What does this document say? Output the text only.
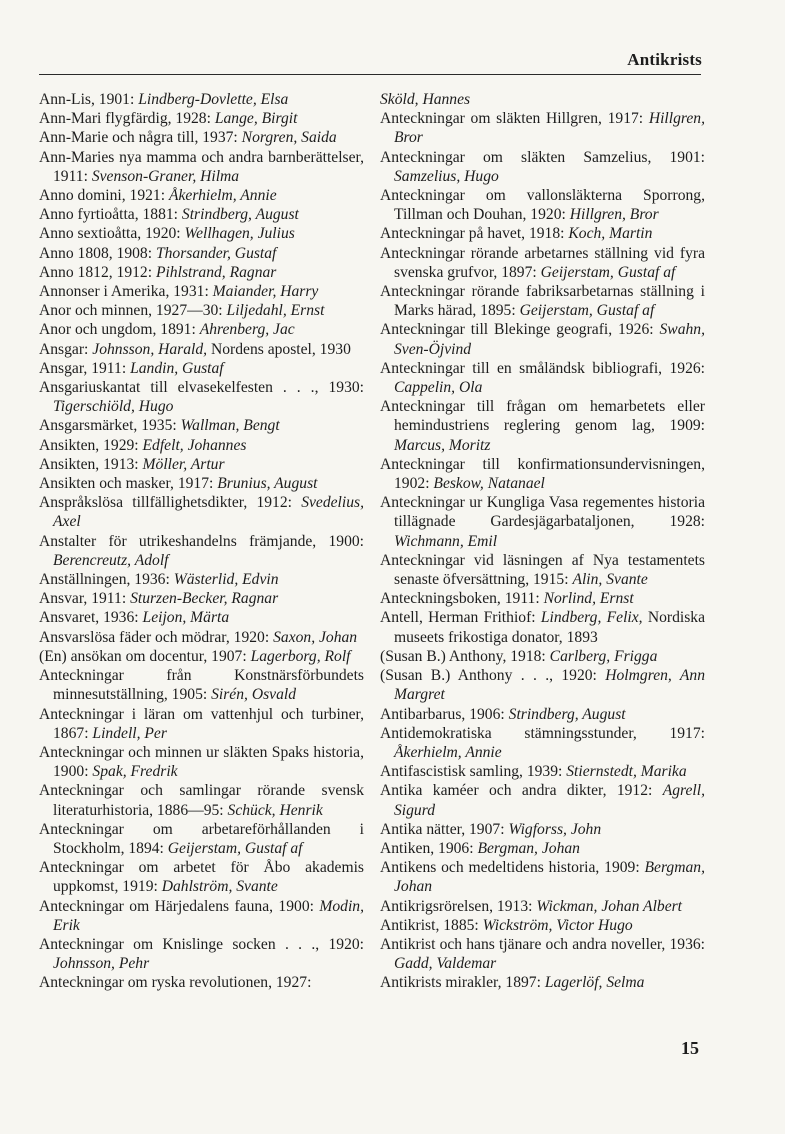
Antikrists

Ann-Lis, 1901: Lindberg-Dovlette, Elsa

Ann-Mari flygfärdig, 1928: Lange, Birgit

Ann-Marie och några till, 1937: Norgren, Saida

Ann-Maries nya mamma och andra barnberättelser, 1911: Svenson-Graner, Hilma

Anno domini, 1921: Åkerhielm, Annie

Anno fyrtioåtta, 1881: Strindberg, August

Anno sextioåtta, 1920: Wellhagen, Julius

Anno 1808, 1908: Thorsander, Gustaf

Anno 1812, 1912: Pihlstrand, Ragnar

Annonser i Amerika, 1931: Maiander, Harry

Anor och minnen, 1927—30: Liljedahl, Ernst

Anor och ungdom, 1891: Ahrenberg, Jac

Ansgar: Johnsson, Harald, Nordens apostel, 1930

Ansgar, 1911: Landin, Gustaf

Ansgariuskantat till elvasekelfesten . . ., 1930: Tigerschiöld, Hugo

Ansgarsmärket, 1935: Wallman, Bengt

Ansikten, 1929: Edfelt, Johannes

Ansikten, 1913: Möller, Artur

Ansikten och masker, 1917: Brunius, August

Anspråkslösa tillfällighetsdikter, 1912: Svedelius, Axel

Anstalter för utrikeshandelns främjande, 1900: Berencreutz, Adolf

Anställningen, 1936: Wästerlid, Edvin

Ansvar, 1911: Sturzen-Becker, Ragnar

Ansvaret, 1936: Leijon, Märta

Ansvarslösa fäder och mödrar, 1920: Saxon, Johan

(En) ansökan om docentur, 1907: Lagerborg, Rolf

Anteckningar från Konstnärsförbundets minnesutställning, 1905: Sirén, Osvald

Anteckningar i läran om vattenhjul och turbiner, 1867: Lindell, Per

Anteckningar och minnen ur släkten Spaks historia, 1900: Spak, Fredrik

Anteckningar och samlingar rörande svensk literaturhistoria, 1886—95: Schück, Henrik

Anteckningar om arbetareförhållanden i Stockholm, 1894: Geijerstam, Gustaf af

Anteckningar om arbetet för Åbo akademis uppkomst, 1919: Dahlström, Svante

Anteckningar om Härjedalens fauna, 1900: Modin, Erik

Anteckningar om Knislinge socken . . ., 1920: Johnsson, Pehr

Anteckningar om ryska revolutionen, 1927:

Sköld, Hannes

Anteckningar om släkten Hillgren, 1917: Hillgren, Bror

Anteckningar om släkten Samzelius, 1901: Samzelius, Hugo

Anteckningar om vallonsläkterna Sporrong, Tillman och Douhan, 1920: Hillgren, Bror

Anteckningar på havet, 1918: Koch, Martin

Anteckningar rörande arbetarnes ställning vid fyra svenska grufvor, 1897: Geijerstam, Gustaf af

Anteckningar rörande fabriksarbetarnas ställning i Marks härad, 1895: Geijerstam, Gustaf af

Anteckningar till Blekinge geografi, 1926: Swahn, Sven-Öjvind

Anteckningar till en småländsk bibliografi, 1926: Cappelin, Ola

Anteckningar till frågan om hemarbetets eller hemindustriens reglering genom lag, 1909: Marcus, Moritz

Anteckningar till konfirmationsundervisningen, 1902: Beskow, Natanael

Anteckningar ur Kungliga Vasa regementes historia tillägnade Gardesjägarbataljonen, 1928: Wichmann, Emil

Anteckningar vid läsningen af Nya testamentets senaste öfversättning, 1915: Alin, Svante

Anteckningsboken, 1911: Norlind, Ernst

Antell, Herman Frithiof: Lindberg, Felix, Nordiska museets frikostiga donator, 1893

(Susan B.) Anthony, 1918: Carlberg, Frigga

(Susan B.) Anthony . . ., 1920: Holmgren, Ann Margret

Antibarbarus, 1906: Strindberg, August

Antidemokratiska stämningsstunder, 1917: Åkerhielm, Annie

Antifascistisk samling, 1939: Stiernstedt, Marika

Antika kaméer och andra dikter, 1912: Agrell, Sigurd

Antika nätter, 1907: Wigforss, John

Antiken, 1906: Bergman, Johan

Antikens och medeltidens historia, 1909: Bergman, Johan

Antikrigsrörelsen, 1913: Wickman, Johan Albert

Antikrist, 1885: Wickström, Victor Hugo

Antikrist och hans tjänare och andra noveller, 1936: Gadd, Valdemar

Antikrists mirakler, 1897: Lagerlöf, Selma

15
